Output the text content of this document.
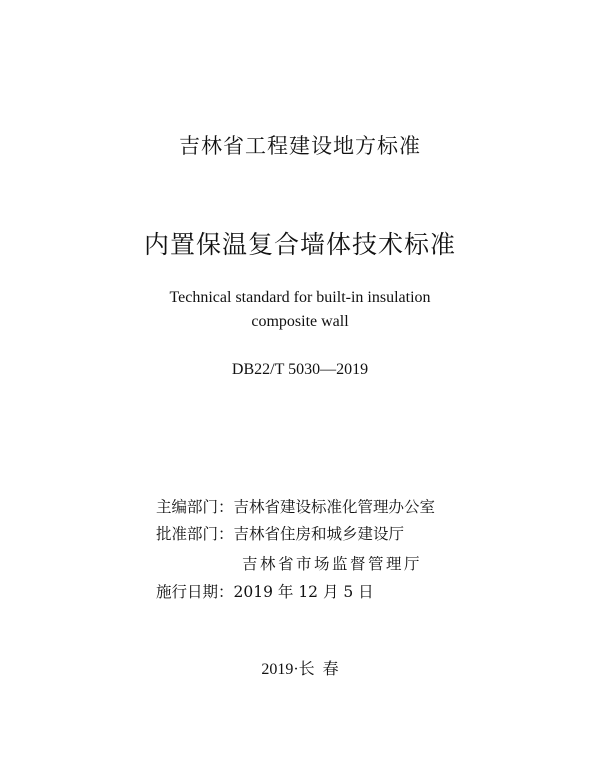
吉林省工程建设地方标准
内置保温复合墙体技术标准
Technical standard for built-in insulation
composite wall
DB22/T 5030—2019
主编部门：吉林省建设标准化管理办公室
批准部门：吉林省住房和城乡建设厅
吉林省市场监督管理厅
施行日期：2019 年 12 月 5 日
2019·长  春
